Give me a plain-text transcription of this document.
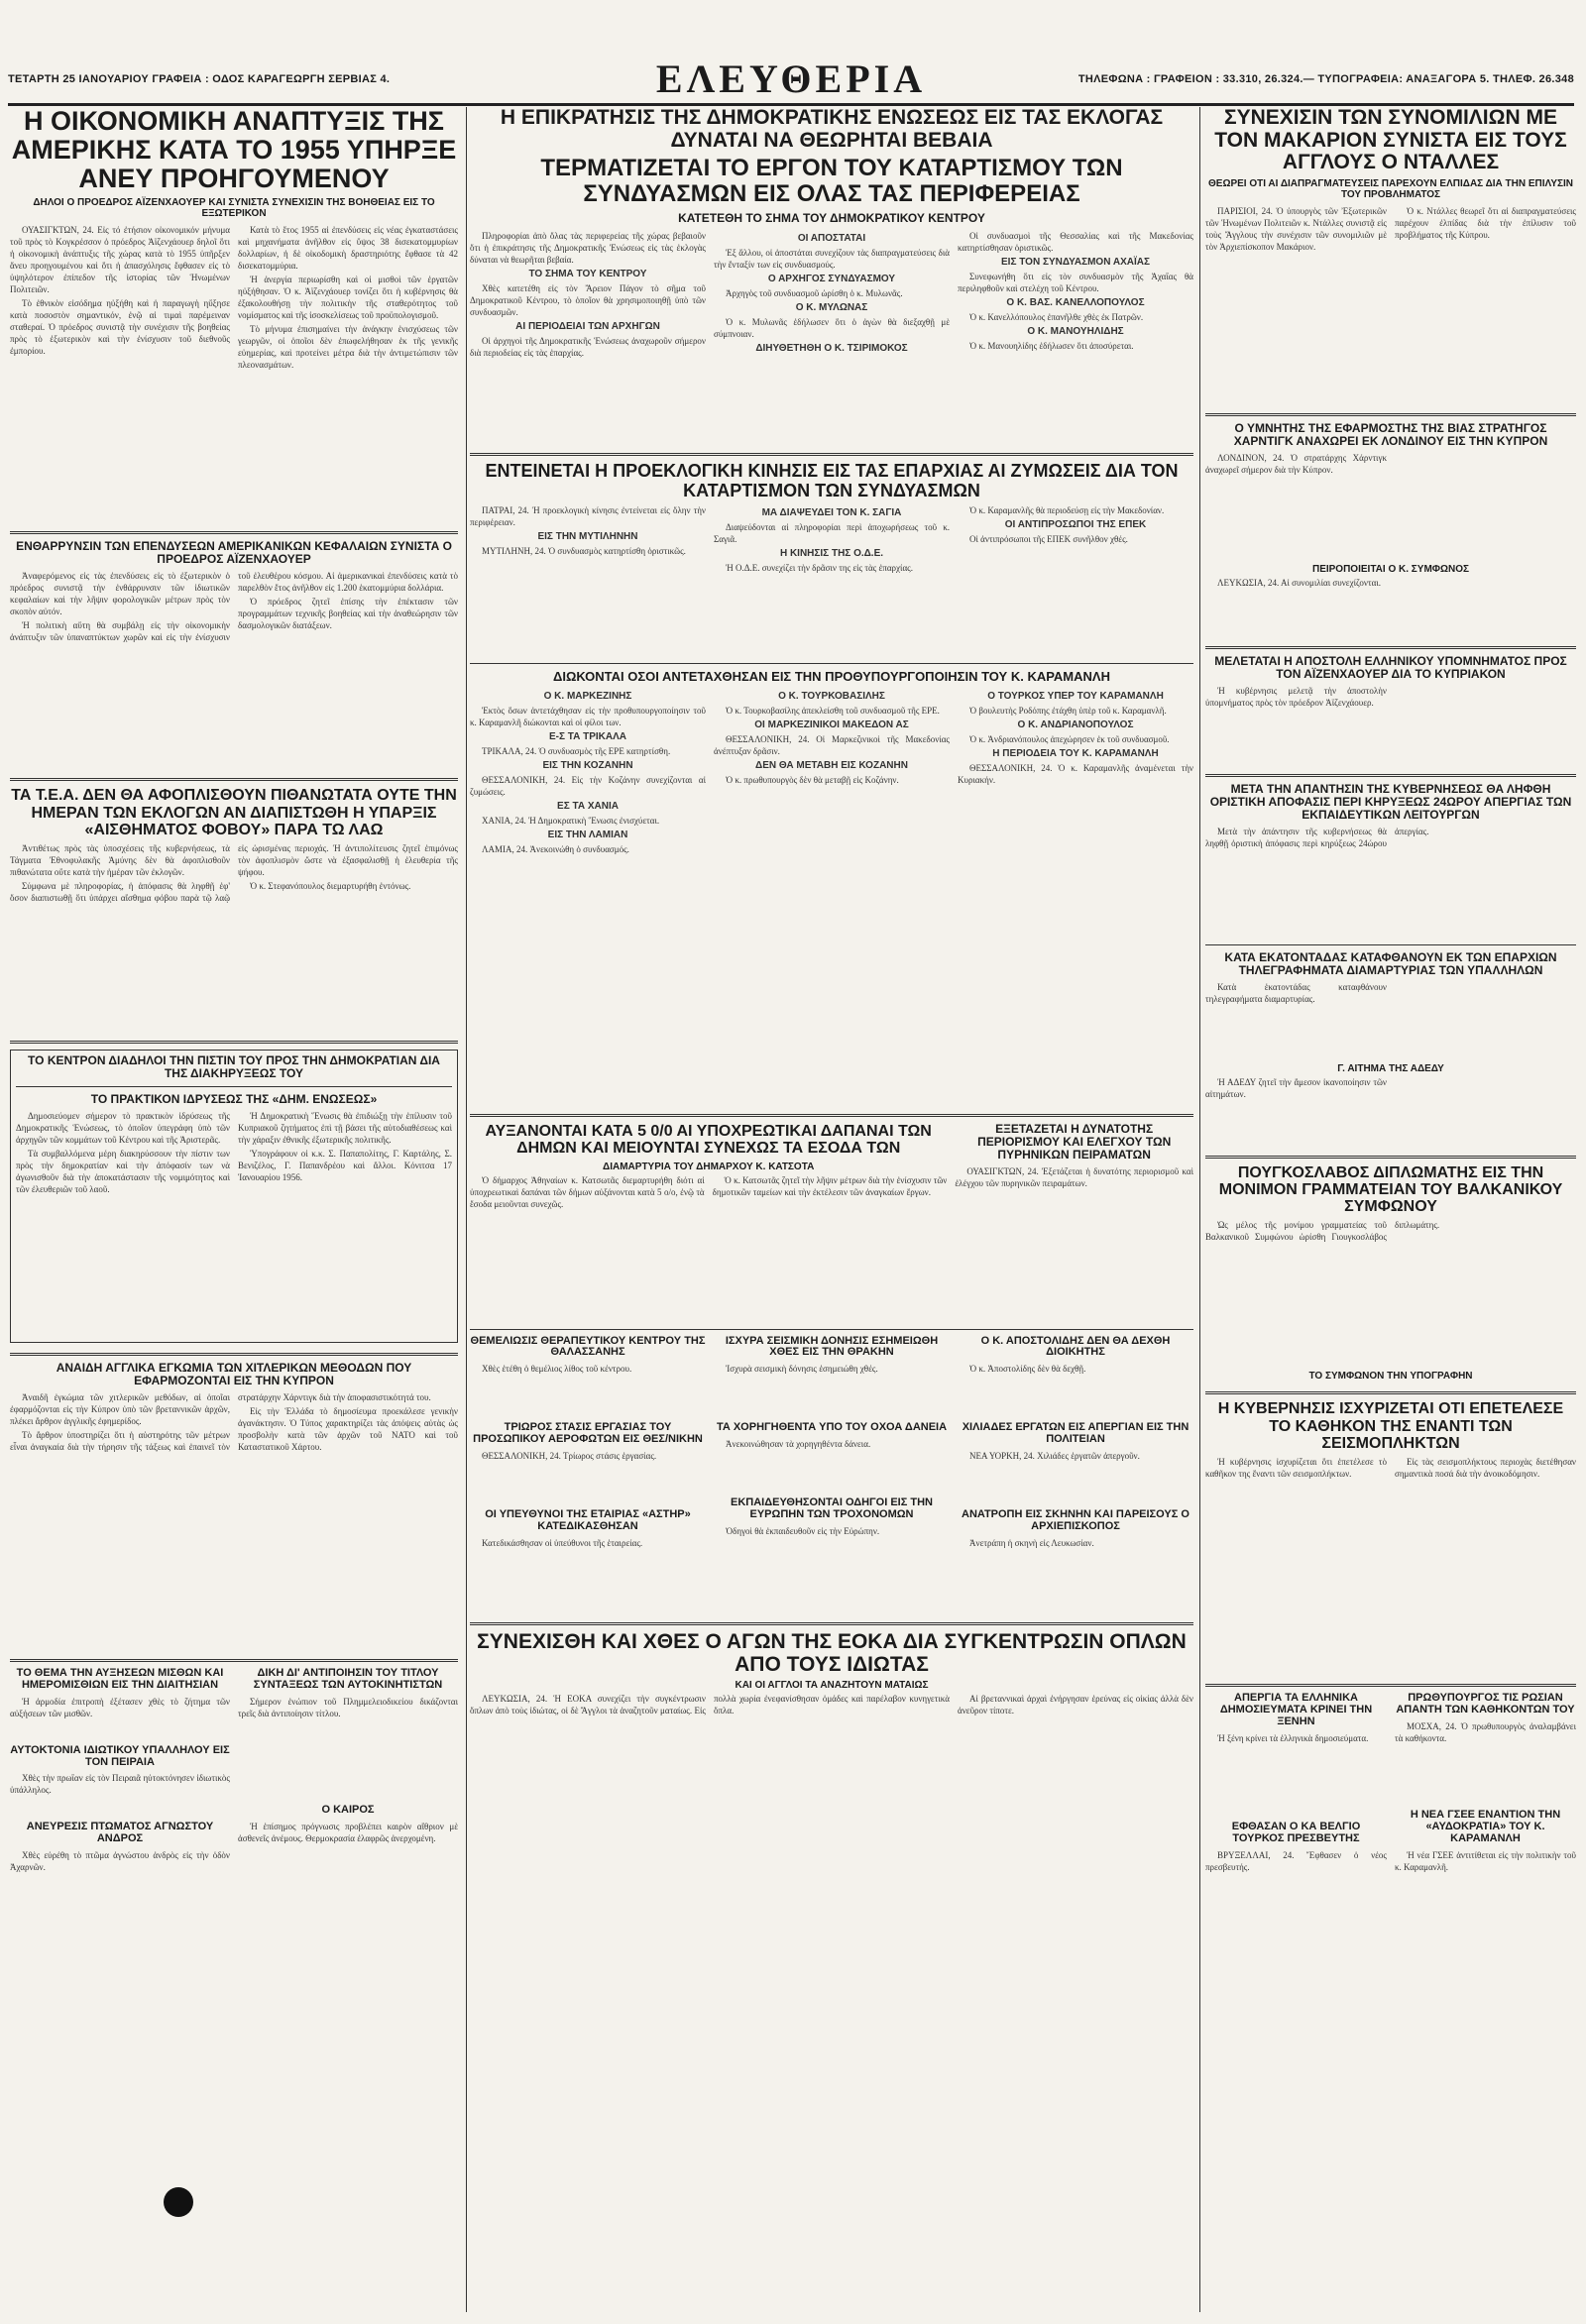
ΤΕΤΑΡΤΗ 25 ΙΑΝΟΥΑΡΙΟΥ ΓΡΑΦΕΙΑ : ΟΔΟΣ ΚΑΡΑΓΕΩΡΓΗ ΣΕΡΒΙΑΣ 4.	ΕΛΕΥΘΕΡΙΑ	ΤΗΛΕΦΩΝΑ : ΓΡΑΦΕΙΟΝ : 33.310, 26.324.— ΤΥΠΟΓΡΑΦΕΙΑ: ΑΝΑΞΑΓΟΡΑ 5. ΤΗΛΕΦ. 26.348
Η ΟΙΚΟΝΟΜΙΚΗ ΑΝΑΠΤΥΞΙΣ ΤΗΣ ΑΜΕΡΙΚΗΣ ΚΑΤΑ ΤΟ 1955 ΥΠΗΡΞΕ ΑΝΕΥ ΠΡΟΗΓΟΥΜΕΝΟΥ
ΔΗΛΟΙ Ο ΠΡΟΕΔΡΟΣ ΑΪΖΕΝΧΑΟΥΕΡ ΚΑΙ ΣΥΝΙΣΤΑ ΣΥΝΕΧΙΣΙΝ ΤΗΣ ΒΟΗΘΕΙΑΣ ΕΙΣ ΤΟ ΕΞΩΤΕΡΙΚΟΝ

ΟΥΑΣΙΓΚΤΩΝ, 24. Εἰς τό ἐτήσιον οἰκονομικόν μήνυμα τοῦ πρὸς τὸ Κογκρέσσον ὁ πρόεδρος Ἀϊζενχάουερ δηλοῖ ὅτι ἡ οἰκονομικὴ ἀνάπτυξις τῆς χώρας κατὰ τὸ 1955 ὑπῆρξεν ἄνευ προηγουμένου καὶ ὅτι ἡ ἀπασχόλησις ἔφθασεν εἰς τὸ ὑψηλότερον ἐπίπεδον τῆς ἱστορίας τῶν Ἡνωμένων Πολιτειῶν.

Τὸ ἐθνικὸν εἰσόδημα ηὐξήθη καὶ ἡ παραγωγὴ ηὔξησε κατὰ ποσοστὸν σημαντικόν, ἐνῷ αἱ τιμαὶ παρέμειναν σταθεραί. Ὁ πρόεδρος συνιστᾷ τὴν συνέχισιν τῆς βοηθείας πρὸς τὸ ἐξωτερικὸν καὶ τὴν ἐνίσχυσιν τοῦ διεθνοῦς ἐμπορίου.

Κατὰ τὸ ἔτος 1955 αἱ ἐπενδύσεις εἰς νέας ἐγκαταστάσεις καὶ μηχανήματα ἀνῆλθον εἰς ὕψος 38 δισεκατομμυρίων δολλαρίων, ἡ δὲ οἰκοδομικὴ δραστηριότης ἔφθασε τὰ 42 δισεκατομμύρια.

Ἡ ἀνεργία περιωρίσθη καὶ οἱ μισθοὶ τῶν ἐργατῶν ηὐξήθησαν. Ὁ κ. Ἀϊζενχάουερ τονίζει ὅτι ἡ κυβέρνησις θὰ ἐξακολουθήσῃ τὴν πολιτικὴν τῆς σταθερότητος τοῦ νομίσματος καὶ τῆς ἰσοσκελίσεως τοῦ προϋπολογισμοῦ.

Τὸ μήνυμα ἐπισημαίνει τὴν ἀνάγκην ἐνισχύσεως τῶν γεωργῶν, οἱ ὁποῖοι δὲν ἐπωφελήθησαν ἐκ τῆς γενικῆς εὐημερίας, καὶ προτείνει μέτρα διὰ τὴν ἀντιμετώπισιν τῶν πλεονασμάτων.

ΕΝΘΑΡΡΥΝΣΙΝ ΤΩΝ ΕΠΕΝΔΥΣΕΩΝ ΑΜΕΡΙΚΑΝΙΚΩΝ ΚΕΦΑΛΑΙΩΝ ΣΥΝΙΣΤΑ Ο ΠΡΟΕΔΡΟΣ ΑΪΖΕΝΧΑΟΥΕΡ

Ἀναφερόμενος εἰς τὰς ἐπενδύσεις εἰς τὸ ἐξωτερικὸν ὁ πρόεδρος συνιστᾷ τὴν ἐνθάρρυνσιν τῶν ἰδιωτικῶν κεφαλαίων καὶ τὴν λῆψιν φορολογικῶν μέτρων πρὸς τὸν σκοπὸν αὐτόν.

Ἡ πολιτικὴ αὕτη θὰ συμβάλῃ εἰς τὴν οἰκονομικὴν ἀνάπτυξιν τῶν ὑπαναπτύκτων χωρῶν καὶ εἰς τὴν ἐνίσχυσιν τοῦ ἐλευθέρου κόσμου. Αἱ ἀμερικανικαὶ ἐπενδύσεις κατὰ τὸ παρελθὸν ἔτος ἀνῆλθον εἰς 1.200 ἑκατομμύρια δολλάρια.

Ὁ πρόεδρος ζητεῖ ἐπίσης τὴν ἐπέκτασιν τῶν προγραμμάτων τεχνικῆς βοηθείας καὶ τὴν ἀναθεώρησιν τῶν δασμολογικῶν διατάξεων.

ΤΑ Τ.Ε.Α. ΔΕΝ ΘΑ ΑΦΟΠΛΙΣΘΟΥΝ ΠΙΘΑΝΩΤΑΤΑ ΟΥΤΕ ΤΗΝ ΗΜΕΡΑΝ ΤΩΝ ΕΚΛΟΓΩΝ ΑΝ ΔΙΑΠΙΣΤΩΘΗ Η ΥΠΑΡΞΙΣ «ΑΙΣΘΗΜΑΤΟΣ ΦΟΒΟΥ» ΠΑΡΑ ΤΩ ΛΑΩ

Ἀντιθέτως πρὸς τὰς ὑποσχέσεις τῆς κυβερνήσεως, τὰ Τάγματα Ἐθνοφυλακῆς Ἀμύνης δὲν θὰ ἀφοπλισθοῦν πιθανώτατα οὔτε κατὰ τὴν ἡμέραν τῶν ἐκλογῶν.

Σύμφωνα μὲ πληροφορίας, ἡ ἀπόφασις θὰ ληφθῇ ἐφ' ὅσον διαπιστωθῇ ὅτι ὑπάρχει αἴσθημα φόβου παρὰ τῷ λαῷ εἰς ὡρισμένας περιοχάς. Ἡ ἀντιπολίτευσις ζητεῖ ἐπιμόνως τὸν ἀφοπλισμὸν ὥστε νὰ ἐξασφαλισθῇ ἡ ἐλευθερία τῆς ψήφου.

Ὁ κ. Στεφανόπουλος διεμαρτυρήθη ἐντόνως.

ΤΟ ΚΕΝΤΡΟΝ ΔΙΑΔΗΛΟΙ ΤΗΝ ΠΙΣΤΙΝ ΤΟΥ ΠΡΟΣ ΤΗΝ ΔΗΜΟΚΡΑΤΙΑΝ ΔΙΑ ΤΗΣ ΔΙΑΚΗΡΥΞΕΩΣ ΤΟΥ
ΤΟ ΠΡΑΚΤΙΚΟΝ ΙΔΡΥΣΕΩΣ ΤΗΣ «ΔΗΜ. ΕΝΩΣΕΩΣ»

Δημοσιεύομεν σήμερον τὸ πρακτικὸν ἱδρύσεως τῆς Δημοκρατικῆς Ἑνώσεως, τὸ ὁποῖον ὑπεγράφη ὑπὸ τῶν ἀρχηγῶν τῶν κομμάτων τοῦ Κέντρου καὶ τῆς Ἀριστερᾶς.

Τὰ συμβαλλόμενα μέρη διακηρύσσουν τὴν πίστιν των πρὸς τὴν δημοκρατίαν καὶ τὴν ἀπόφασίν των νὰ ἀγωνισθοῦν διὰ τὴν ἀποκατάστασιν τῆς νομιμότητος καὶ τῶν ἐλευθεριῶν τοῦ λαοῦ.

Ἡ Δημοκρατικὴ Ἕνωσις θὰ ἐπιδιώξῃ τὴν ἐπίλυσιν τοῦ Κυπριακοῦ ζητήματος ἐπὶ τῇ βάσει τῆς αὐτοδιαθέσεως καὶ τὴν χάραξιν ἐθνικῆς ἐξωτερικῆς πολιτικῆς.

Ὑπογράφουν οἱ κ.κ. Σ. Παπαπολίτης, Γ. Καρτάλης, Σ. Βενιζέλος, Γ. Παπανδρέου καὶ ἄλλοι. Κόνιτσα 17 Ἰανουαρίου 1956.

ΑΝΑΙΔΗ ΑΓΓΛΙΚΑ ΕΓΚΩΜΙΑ ΤΩΝ ΧΙΤΛΕΡΙΚΩΝ ΜΕΘΟΔΩΝ ΠΟΥ ΕΦΑΡΜΟΖΟΝΤΑΙ ΕΙΣ ΤΗΝ ΚΥΠΡΟΝ

Ἀναιδῆ ἐγκώμια τῶν χιτλερικῶν μεθόδων, αἱ ὁποῖαι ἐφαρμόζονται εἰς τὴν Κύπρον ὑπὸ τῶν βρεταννικῶν ἀρχῶν, πλέκει ἄρθρον ἀγγλικῆς ἐφημερίδος.

Τὸ ἄρθρον ὑποστηρίζει ὅτι ἡ αὐστηρότης τῶν μέτρων εἶναι ἀναγκαία διὰ τὴν τήρησιν τῆς τάξεως καὶ ἐπαινεῖ τὸν στρατάρχην Χάρντιγκ διὰ τὴν ἀποφασιστικότητά του.

Εἰς τὴν Ἑλλάδα τὸ δημοσίευμα προεκάλεσε γενικὴν ἀγανάκτησιν. Ὁ Τύπος χαρακτηρίζει τὰς ἀπόψεις αὐτὰς ὡς προσβολὴν κατὰ τῶν ἀρχῶν τοῦ ΝΑΤΟ καὶ τοῦ Καταστατικοῦ Χάρτου.

ΤΟ ΘΕΜΑ ΤΗΝ ΑΥΞΗΣΕΩΝ ΜΙΣΘΩΝ ΚΑΙ ΗΜΕΡΟΜΙΣΘΙΩΝ ΕΙΣ ΤΗΝ ΔΙΑΙΤΗΣΙΑΝ

Ἡ ἀρμοδία ἐπιτροπὴ ἐξέτασεν χθὲς τὸ ζήτημα τῶν αὐξήσεων τῶν μισθῶν.

ΑΥΤΟΚΤΟΝΙΑ ΙΔΙΩΤΙΚΟΥ ΥΠΑΛΛΗΛΟΥ ΕΙΣ ΤΟΝ ΠΕΙΡΑΙΑ

Χθὲς τὴν πρωΐαν εἰς τὸν Πειραιᾶ ηὐτοκτόνησεν ἰδιωτικὸς ὑπάλληλος.

ΑΝΕΥΡΕΣΙΣ ΠΤΩΜΑΤΟΣ ΑΓΝΩΣΤΟΥ ΑΝΔΡΟΣ

Χθὲς εὑρέθη τὸ πτῶμα ἀγνώστου ἀνδρὸς εἰς τὴν ὁδὸν Ἀχαρνῶν.

ΔΙΚΗ ΔΙ' ΑΝΤΙΠΟΙΗΣΙΝ ΤΟΥ ΤΙΤΛΟΥ ΣΥΝΤΑΞΕΩΣ ΤΩΝ ΑΥΤΟΚΙΝΗΤΙΣΤΩΝ

Σήμερον ἐνώπιον τοῦ Πλημμελειοδικείου δικάζονται τρεῖς διὰ ἀντιποίησιν τίτλου.

Ο ΚΑΙΡΟΣ

Ἡ ἐπίσημος πρόγνωσις προβλέπει καιρὸν αἴθριον μὲ ἀσθενεῖς ἀνέμους. Θερμοκρασία ἐλαφρῶς ἀνερχομένη.

Η ΕΠΙΚΡΑΤΗΣΙΣ ΤΗΣ ΔΗΜΟΚΡΑΤΙΚΗΣ ΕΝΩΣΕΩΣ ΕΙΣ ΤΑΣ ΕΚΛΟΓΑΣ ΔΥΝΑΤΑΙ ΝΑ ΘΕΩΡΗΤΑΙ ΒΕΒΑΙΑ
ΤΕΡΜΑΤΙΖΕΤΑΙ ΤΟ ΕΡΓΟΝ ΤΟΥ ΚΑΤΑΡΤΙΣΜΟΥ ΤΩΝ ΣΥΝΔΥΑΣΜΩΝ ΕΙΣ ΟΛΑΣ ΤΑΣ ΠΕΡΙΦΕΡΕΙΑΣ
ΚΑΤΕΤΕΘΗ ΤΟ ΣΗΜΑ ΤΟΥ ΔΗΜΟΚΡΑΤΙΚΟΥ ΚΕΝΤΡΟΥ

Πληροφορίαι ἀπὸ ὅλας τὰς περιφερείας τῆς χώρας βεβαιοῦν ὅτι ἡ ἐπικράτησις τῆς Δημοκρατικῆς Ἑνώσεως εἰς τὰς ἐκλογὰς δύναται νὰ θεωρῆται βεβαία.

ΤΟ ΣΗΜΑ ΤΟΥ ΚΕΝΤΡΟΥ

Χθὲς κατετέθη εἰς τὸν Ἄρειον Πάγον τὸ σῆμα τοῦ Δημοκρατικοῦ Κέντρου, τὸ ὁποῖον θὰ χρησιμοποιηθῇ ὑπὸ τῶν συνδυασμῶν.

ΑΙ ΠΕΡΙΟΔΕΙΑΙ ΤΩΝ ΑΡΧΗΓΩΝ

Οἱ ἀρχηγοὶ τῆς Δημοκρατικῆς Ἑνώσεως ἀναχωροῦν σήμερον διὰ περιοδείας εἰς τὰς ἐπαρχίας.

ΟΙ ΑΠΟΣΤΑΤΑΙ

Ἐξ ἄλλου, οἱ ἀποστάται συνεχίζουν τὰς διαπραγματεύσεις διὰ τὴν ἔνταξίν των εἰς συνδυασμούς.

Ο ΑΡΧΗΓΟΣ ΣΥΝΔΥΑΣΜΟΥ

Ἀρχηγὸς τοῦ συνδυασμοῦ ὡρίσθη ὁ κ. Μυλωνᾶς.

Ο Κ. ΜΥΛΩΝΑΣ

Ὁ κ. Μυλωνᾶς ἐδήλωσεν ὅτι ὁ ἀγὼν θὰ διεξαχθῇ μὲ σύμπνοιαν.

ΔΙΗΥΘΕΤΗΘΗ Ο Κ. ΤΣΙΡΙΜΟΚΟΣ

Οἱ συνδυασμοὶ τῆς Θεσσαλίας καὶ τῆς Μακεδονίας κατηρτίσθησαν ὁριστικῶς.

ΕΙΣ ΤΟΝ ΣΥΝΔΥΑΣΜΟΝ ΑΧΑΪΑΣ

Συνεφωνήθη ὅτι εἰς τὸν συνδυασμὸν τῆς Ἀχαΐας θὰ περιληφθοῦν καὶ στελέχη τοῦ Κέντρου.

Ο Κ. ΒΑΣ. ΚΑΝΕΛΛΟΠΟΥΛΟΣ

Ὁ κ. Κανελλόπουλος ἐπανῆλθε χθὲς ἐκ Πατρῶν.

Ο Κ. ΜΑΝΟΥΗΛΙΔΗΣ

Ὁ κ. Μανουηλίδης ἐδήλωσεν ὅτι ἀποσύρεται.

ΕΝΤΕΙΝΕΤΑΙ Η ΠΡΟΕΚΛΟΓΙΚΗ ΚΙΝΗΣΙΣ ΕΙΣ ΤΑΣ ΕΠΑΡΧΙΑΣ ΑΙ ΖΥΜΩΣΕΙΣ ΔΙΑ ΤΟΝ ΚΑΤΑΡΤΙΣΜΟΝ ΤΩΝ ΣΥΝΔΥΑΣΜΩΝ

ΠΑΤΡΑΙ, 24. Ἡ προεκλογικὴ κίνησις ἐντείνεται εἰς ὅλην τὴν περιφέρειαν.

ΕΙΣ ΤΗΝ ΜΥΤΙΛΗΝΗΝ

ΜΥΤΙΛΗΝΗ, 24. Ὁ συνδυασμὸς κατηρτίσθη ὁριστικῶς.

ΜΑ ΔΙΑΨΕΥΔΕΙ ΤΟΝ Κ. ΣΑΓΙΑ

Διαψεύδονται αἱ πληροφορίαι περὶ ἀποχωρήσεως τοῦ κ. Σαγιᾶ.

Η ΚΙΝΗΣΙΣ ΤΗΣ Ο.Δ.Ε.

Ἡ Ο.Δ.Ε. συνεχίζει τὴν δρᾶσιν της εἰς τὰς ἐπαρχίας.

Ὁ κ. Καραμανλῆς θὰ περιοδεύσῃ εἰς τὴν Μακεδονίαν.

ΟΙ ΑΝΤΙΠΡΟΣΩΠΟΙ ΤΗΣ ΕΠΕΚ

Οἱ ἀντιπρόσωποι τῆς ΕΠΕΚ συνῆλθον χθές.

ΔΙΩΚΟΝΤΑΙ ΟΣΟΙ ΑΝΤΕΤΑΧΘΗΣΑΝ ΕΙΣ ΤΗΝ ΠΡΟΘΥΠΟΥΡΓΟΠΟΙΗΣΙΝ ΤΟΥ Κ. ΚΑΡΑΜΑΝΛΗ
Ο Κ. ΜΑΡΚΕΖΙΝΗΣ

Ἐκτὸς ὅσων ἀντετάχθησαν εἰς τὴν προθυπουργοποίησιν τοῦ κ. Καραμανλῆ διώκονται καὶ οἱ φίλοι των.

Ε-Σ ΤΑ ΤΡΙΚΑΛΑ

ΤΡΙΚΑΛΑ, 24. Ὁ συνδυασμὸς τῆς ΕΡΕ κατηρτίσθη.

ΕΙΣ ΤΗΝ ΚΟΖΑΝΗΝ

ΘΕΣΣΑΛΟΝΙΚΗ, 24. Εἰς τὴν Κοζάνην συνεχίζονται αἱ ζυμώσεις.

ΕΣ ΤΑ ΧΑΝΙΑ

ΧΑΝΙΑ, 24. Ἡ Δημοκρατικὴ Ἕνωσις ἐνισχύεται.

ΕΙΣ ΤΗΝ ΛΑΜΙΑΝ

ΛΑΜΙΑ, 24. Ἀνεκοινώθη ὁ συνδυασμός.

Ο Κ. ΤΟΥΡΚΟΒΑΣΙΛΗΣ

Ὁ κ. Τουρκοβασίλης ἀπεκλείσθη τοῦ συνδυασμοῦ τῆς ΕΡΕ.

ΟΙ ΜΑΡΚΕΖΙΝΙΚΟΙ ΜΑΚΕΔΟΝ ΑΣ

ΘΕΣΣΑΛΟΝΙΚΗ, 24. Οἱ Μαρκεζινικοὶ τῆς Μακεδονίας ἀνέπτυξαν δρᾶσιν.

ΔΕΝ ΘΑ ΜΕΤΑΒΗ ΕΙΣ ΚΟΖΑΝΗΝ

Ὁ κ. πρωθυπουργὸς δὲν θὰ μεταβῇ εἰς Κοζάνην.

Ο ΤΟΥΡΚΟΣ ΥΠΕΡ ΤΟΥ ΚΑΡΑΜΑΝΛΗ

Ὁ βουλευτὴς Ροδόπης ἐτάχθη ὑπὲρ τοῦ κ. Καραμανλῆ.

Ο Κ. ΑΝΔΡΙΑΝΟΠΟΥΛΟΣ

Ὁ κ. Ἀνδριανόπουλος ἀπεχώρησεν ἐκ τοῦ συνδυασμοῦ.

Η ΠΕΡΙΟΔΕΙΑ ΤΟΥ Κ. ΚΑΡΑΜΑΝΛΗ

ΘΕΣΣΑΛΟΝΙΚΗ, 24. Ὁ κ. Καραμανλῆς ἀναμένεται τὴν Κυριακήν.

ΑΥΞΑΝΟΝΤΑΙ ΚΑΤΑ 5 0/0 ΑΙ ΥΠΟΧΡΕΩΤΙΚΑΙ ΔΑΠΑΝΑΙ ΤΩΝ ΔΗΜΩΝ ΚΑΙ ΜΕΙΟΥΝΤΑΙ ΣΥΝΕΧΩΣ ΤΑ ΕΣΟΔΑ ΤΩΝ
ΔΙΑΜΑΡΤΥΡΙΑ ΤΟΥ ΔΗΜΑΡΧΟΥ Κ. ΚΑΤΣΟΤΑ

Ὁ δήμαρχος Ἀθηναίων κ. Κατσωτᾶς διεμαρτυρήθη διότι αἱ ὑποχρεωτικαὶ δαπάναι τῶν δήμων αὐξάνονται κατὰ 5 ο/ο, ἐνῷ τὰ ἔσοδα μειοῦνται συνεχῶς.

Ὁ κ. Κατσωτᾶς ζητεῖ τὴν λῆψιν μέτρων διὰ τὴν ἐνίσχυσιν τῶν δημοτικῶν ταμείων καὶ τὴν ἐκτέλεσιν τῶν ἀναγκαίων ἔργων.

ΕΞΕΤΑΖΕΤΑΙ Η ΔΥΝΑΤΟΤΗΣ ΠΕΡΙΟΡΙΣΜΟΥ ΚΑΙ ΕΛΕΓΧΟΥ ΤΩΝ ΠΥΡΗΝΙΚΩΝ ΠΕΙΡΑΜΑΤΩΝ

ΟΥΑΣΙΓΚΤΩΝ, 24. Ἐξετάζεται ἡ δυνατότης περιορισμοῦ καὶ ἐλέγχου τῶν πυρηνικῶν πειραμάτων.

ΘΕΜΕΛΙΩΣΙΣ ΘΕΡΑΠΕΥΤΙΚΟΥ ΚΕΝΤΡΟΥ ΤΗΣ ΘΑΛΑΣΣΑΝΗΣ

Χθὲς ἐτέθη ὁ θεμέλιος λίθος τοῦ κέντρου.

ΤΡΙΩΡΟΣ ΣΤΑΣΙΣ ΕΡΓΑΣΙΑΣ ΤΟΥ ΠΡΟΣΩΠΙΚΟΥ ΑΕΡΟΦΩΤΩΝ ΕΙΣ ΘΕΣ/ΝΙΚΗΝ

ΘΕΣΣΑΛΟΝΙΚΗ, 24. Τρίωρος στάσις ἐργασίας.

ΟΙ ΥΠΕΥΘΥΝΟΙ ΤΗΣ ΕΤΑΙΡΙΑΣ «ΑΣΤΗΡ» ΚΑΤΕΔΙΚΑΣΘΗΣΑΝ

Κατεδικάσθησαν οἱ ὑπεύθυνοι τῆς ἑταιρείας.

ΙΣΧΥΡΑ ΣΕΙΣΜΙΚΗ ΔΟΝΗΣΙΣ ΕΣΗΜΕΙΩΘΗ ΧΘΕΣ ΕΙΣ ΤΗΝ ΘΡΑΚΗΝ

Ἰσχυρὰ σεισμικὴ δόνησις ἐσημειώθη χθές.

ΤΑ ΧΟΡΗΓΗΘΕΝΤΑ ΥΠΟ ΤΟΥ ΟΧΟΑ ΔΑΝΕΙΑ

Ἀνεκοινώθησαν τὰ χορηγηθέντα δάνεια.

ΕΚΠΑΙΔΕΥΘΗΣΟΝΤΑΙ ΟΔΗΓΟΙ ΕΙΣ ΤΗΝ ΕΥΡΩΠΗΝ ΤΩΝ ΤΡΟΧΟΝΟΜΩΝ

Ὁδηγοὶ θὰ ἐκπαιδευθοῦν εἰς τὴν Εὐρώπην.

Ο Κ. ΑΠΟΣΤΟΛΙΔΗΣ ΔΕΝ ΘΑ ΔΕΧΘΗ ΔΙΟΙΚΗΤΗΣ

Ὁ κ. Ἀποστολίδης δὲν θὰ δεχθῇ.

ΧΙΛΙΑΔΕΣ ΕΡΓΑΤΩΝ ΕΙΣ ΑΠΕΡΓΙΑΝ ΕΙΣ ΤΗΝ ΠΟΛΙΤΕΙΑΝ

ΝΕΑ ΥΟΡΚΗ, 24. Χιλιάδες ἐργατῶν ἀπεργοῦν.

ΑΝΑΤΡΟΠΗ ΕΙΣ ΣΚΗΝΗΝ ΚΑΙ ΠΑΡΕΙΣΟΥΣ Ο ΑΡΧΙΕΠΙΣΚΟΠΟΣ

Ἀνετράπη ἡ σκηνὴ εἰς Λευκωσίαν.

ΣΥΝΕΧΙΣΘΗ ΚΑΙ ΧΘΕΣ Ο ΑΓΩΝ ΤΗΣ ΕΟΚΑ ΔΙΑ ΣΥΓΚΕΝΤΡΩΣΙΝ ΟΠΛΩΝ ΑΠΟ ΤΟΥΣ ΙΔΙΩΤΑΣ
ΚΑΙ ΟΙ ΑΓΓΛΟΙ ΤΑ ΑΝΑΖΗΤΟΥΝ ΜΑΤΑΙΩΣ

ΛΕΥΚΩΣΙΑ, 24. Ἡ ΕΟΚΑ συνεχίζει τὴν συγκέντρωσιν ὅπλων ἀπὸ τοὺς ἰδιώτας, οἱ δὲ Ἄγγλοι τὰ ἀναζητοῦν ματαίως. Εἰς πολλὰ χωρία ἐνεφανίσθησαν ὁμάδες καὶ παρέλαβον κυνηγετικὰ ὅπλα.

Αἱ βρεταννικαὶ ἀρχαὶ ἐνήργησαν ἐρεύνας εἰς οἰκίας ἀλλὰ δὲν ἀνεῦρον τίποτε.

ΣΥΝΕΧΙΣΙΝ ΤΩΝ ΣΥΝΟΜΙΛΙΩΝ ΜΕ ΤΟΝ ΜΑΚΑΡΙΟΝ ΣΥΝΙΣΤΑ ΕΙΣ ΤΟΥΣ ΑΓΓΛΟΥΣ Ο ΝΤΑΛΛΕΣ
ΘΕΩΡΕΙ ΟΤΙ ΑΙ ΔΙΑΠΡΑΓΜΑΤΕΥΣΕΙΣ ΠΑΡΕΧΟΥΝ ΕΛΠΙΔΑΣ ΔΙΑ ΤΗΝ ΕΠΙΛΥΣΙΝ ΤΟΥ ΠΡΟΒΛΗΜΑΤΟΣ

ΠΑΡΙΣΙΟΙ, 24. Ὁ ὑπουργὸς τῶν Ἐξωτερικῶν τῶν Ἡνωμένων Πολιτειῶν κ. Ντάλλες συνιστᾷ εἰς τοὺς Ἄγγλους τὴν συνέχισιν τῶν συνομιλιῶν μὲ τὸν Ἀρχιεπίσκοπον Μακάριον.

Ὁ κ. Ντάλλες θεωρεῖ ὅτι αἱ διαπραγματεύσεις παρέχουν ἐλπίδας διὰ τὴν ἐπίλυσιν τοῦ προβλήματος τῆς Κύπρου.

Ο ΥΜΝΗΤΗΣ ΤΗΣ ΕΦΑΡΜΟΣΤΗΣ ΤΗΣ ΒΙΑΣ ΣΤΡΑΤΗΓΟΣ ΧΑΡΝΤΙΓΚ ΑΝΑΧΩΡΕΙ ΕΚ ΛΟΝΔΙΝΟΥ ΕΙΣ ΤΗΝ ΚΥΠΡΟΝ

ΛΟΝΔΙΝΟΝ, 24. Ὁ στρατάρχης Χάρντιγκ ἀναχωρεῖ σήμερον διὰ τὴν Κύπρον.

ΠΕΙΡΟΠΟΙΕΙΤΑΙ Ο Κ. ΣΥΜΦΩΝΟΣ

ΛΕΥΚΩΣΙΑ, 24. Αἱ συνομιλίαι συνεχίζονται.

ΜΕΛΕΤΑΤΑΙ Η ΑΠΟΣΤΟΛΗ ΕΛΛΗΝΙΚΟΥ ΥΠΟΜΝΗΜΑΤΟΣ ΠΡΟΣ ΤΟΝ ΑΪΖΕΝΧΑΟΥΕΡ ΔΙΑ ΤΟ ΚΥΠΡΙΑΚΟΝ

Ἡ κυβέρνησις μελετᾷ τὴν ἀποστολὴν ὑπομνήματος πρὸς τὸν πρόεδρον Ἀϊζενχάουερ.

ΜΕΤΑ ΤΗΝ ΑΠΑΝΤΗΣΙΝ ΤΗΣ ΚΥΒΕΡΝΗΣΕΩΣ ΘΑ ΛΗΦΘΗ ΟΡΙΣΤΙΚΗ ΑΠΟΦΑΣΙΣ ΠΕΡΙ ΚΗΡΥΞΕΩΣ 24ΩΡΟΥ ΑΠΕΡΓΙΑΣ ΤΩΝ ΕΚΠΑΙΔΕΥΤΙΚΩΝ ΛΕΙΤΟΥΡΓΩΝ

Μετὰ τὴν ἀπάντησιν τῆς κυβερνήσεως θὰ ληφθῇ ὁριστικὴ ἀπόφασις περὶ κηρύξεως 24ώρου ἀπεργίας.

ΚΑΤΑ ΕΚΑΤΟΝΤΑΔΑΣ ΚΑΤΑΦΘΑΝΟΥΝ ΕΚ ΤΩΝ ΕΠΑΡΧΙΩΝ ΤΗΛΕΓΡΑΦΗΜΑΤΑ ΔΙΑΜΑΡΤΥΡΙΑΣ ΤΩΝ ΥΠΑΛΛΗΛΩΝ

Κατὰ ἑκατοντάδας καταφθάνουν τηλεγραφήματα διαμαρτυρίας.

Γ. ΑΙΤΗΜΑ ΤΗΣ ΑΔΕΔΥ

Ἡ ΑΔΕΔΥ ζητεῖ τὴν ἄμεσον ἱκανοποίησιν τῶν αἰτημάτων.

ΠΟΥΓΚΟΣΛΑΒΟΣ ΔΙΠΛΩΜΑΤΗΣ ΕΙΣ ΤΗΝ ΜΟΝΙΜΟΝ ΓΡΑΜΜΑΤΕΙΑΝ ΤΟΥ ΒΑΛΚΑΝΙΚΟΥ ΣΥΜΦΩΝΟΥ

Ὡς μέλος τῆς μονίμου γραμματείας τοῦ Βαλκανικοῦ Συμφώνου ὡρίσθη Γιουγκοσλάβος διπλωμάτης.

ΤΟ ΣΥΜΦΩΝΟΝ ΤΗΝ ΥΠΟΓΡΑΦΗΝ
Η ΚΥΒΕΡΝΗΣΙΣ ΙΣΧΥΡΙΖΕΤΑΙ ΟΤΙ ΕΠΕΤΕΛΕΣΕ ΤΟ ΚΑΘΗΚΟΝ ΤΗΣ ΕΝΑΝΤΙ ΤΩΝ ΣΕΙΣΜΟΠΛΗΚΤΩΝ

Ἡ κυβέρνησις ἰσχυρίζεται ὅτι ἐπετέλεσε τὸ καθῆκον της ἔναντι τῶν σεισμοπλήκτων.

Εἰς τὰς σεισμοπλήκτους περιοχὰς διετέθησαν σημαντικὰ ποσά διὰ τὴν ἀνοικοδόμησιν.

ΑΠΕΡΓΙΑ ΤΑ ΕΛΛΗΝΙΚΑ ΔΗΜΟΣΙΕΥΜΑΤΑ ΚΡΙΝΕΙ ΤΗΝ ΞΕΝΗΝ

Ἡ ξένη κρίνει τὰ ἑλληνικὰ δημοσιεύματα.

ΕΦΘΑΣΑΝ Ο ΚΑ ΒΕΛΓΙΟ ΤΟΥΡΚΟΣ ΠΡΕΣΒΕΥΤΗΣ

ΒΡΥΞΕΛΛΑΙ, 24. Ἔφθασεν ὁ νέος πρεσβευτής.

ΠΡΩΘΥΠΟΥΡΓΟΣ ΤΙΣ ΡΩΣΙΑΝ ΑΠΑΝΤΗ ΤΩΝ ΚΑΘΗΚΟΝΤΩΝ ΤΟΥ

ΜΟΣΧΑ, 24. Ὁ πρωθυπουργὸς ἀναλαμβάνει τὰ καθήκοντα.

Η ΝΕΑ ΓΣΕΕ ΕΝΑΝΤΙΟΝ ΤΗΝ «ΑΥΔΟΚΡΑΤΙΑ» ΤΟΥ Κ. ΚΑΡΑΜΑΝΛΗ

Ἡ νέα ΓΣΕΕ ἀντιτίθεται εἰς τὴν πολιτικὴν τοῦ κ. Καραμανλῆ.
